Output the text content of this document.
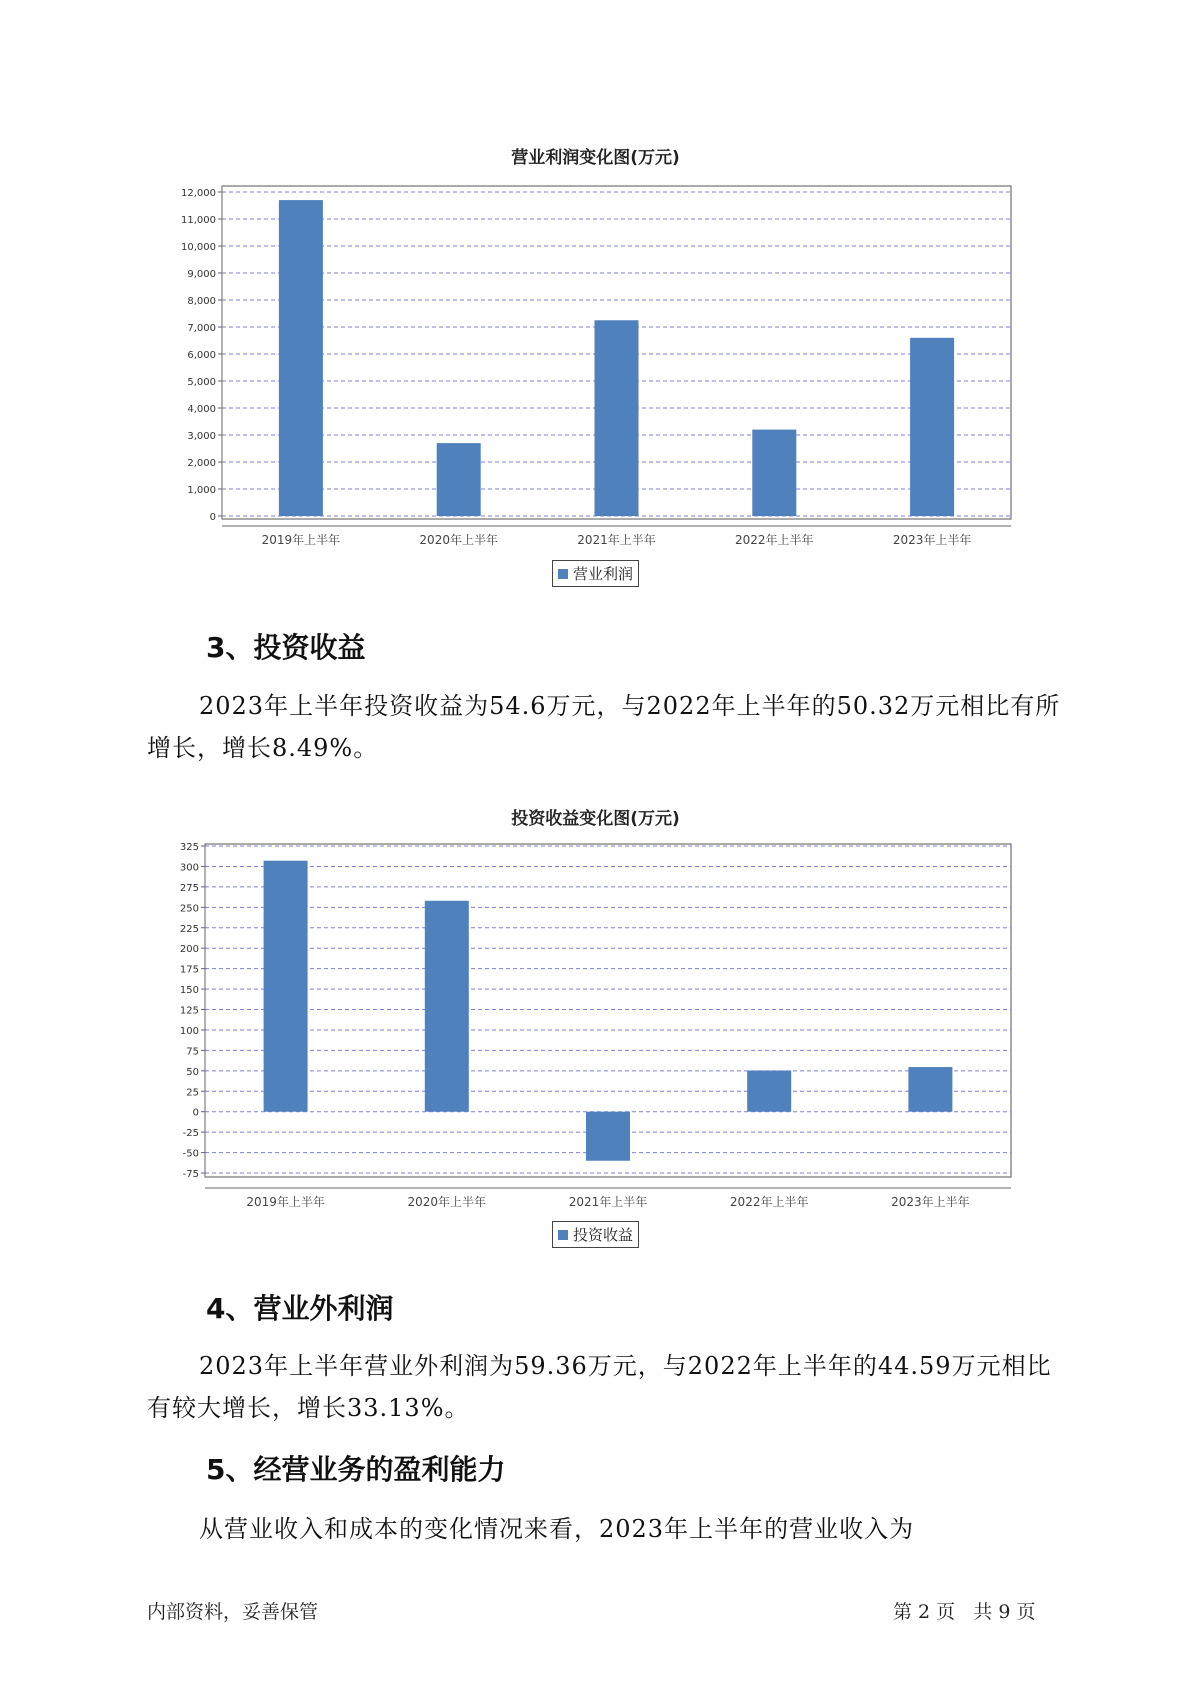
营业利润变化图(万元)
0
1,000
2,000
3,000
4,000
5,000
6,000
7,000
8,000
9,000
10,000
11,000
12,000
2019年上半年	2020年上半年	2021年上半年	2022年上半年	2023年上半年
营业利润
3、投资收益

2023年上半年投资收益为54.6万元，与2022年上半年的50.32万元相比有所增长，增长8.49%。

投资收益变化图(万元)
-75
-50
-25
0
25
50
75
100
125
150
175
200
225
250
275
300
325
2019年上半年	2020年上半年	2021年上半年	2022年上半年	2023年上半年
投资收益
4、营业外利润

2023年上半年营业外利润为59.36万元，与2022年上半年的44.59万元相比有较大增长，增长33.13%。

5、经营业务的盈利能力

从营业收入和成本的变化情况来看，2023年上半年的营业收入为

内部资料，妥善保管	第 2 页   共 9 页
